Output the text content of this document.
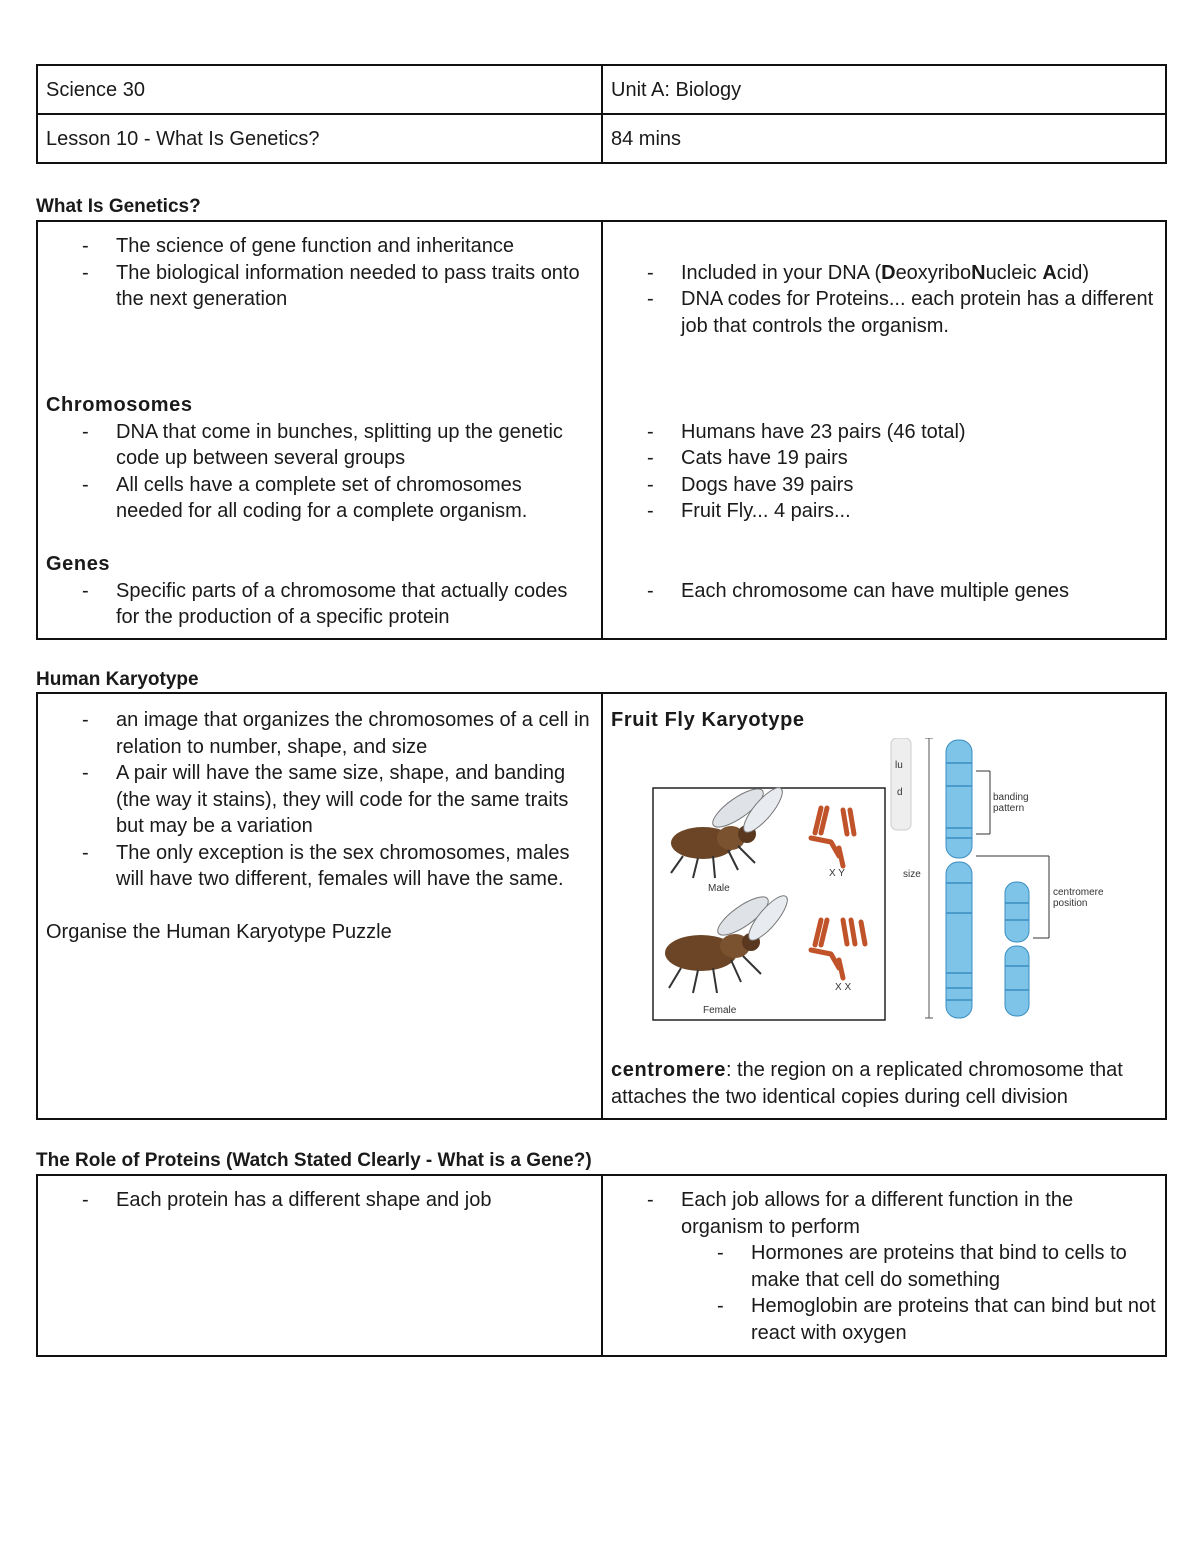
Science 30	Unit A: Biology
Lesson 10 - What Is Genetics?	84 mins
What Is Genetics?
- The science of gene function and inheritance
- The biological information needed to pass traits onto the next generation

Chromosomes

- DNA that come in bunches, splitting up the genetic code up between several groups
- All cells have a complete set of chromosomes needed for all coding for a complete organism.

Genes

- Specific parts of a chromosome that actually codes for the production of a specific protein
- Included in your DNA (DeoxyriboNucleic Acid)
- DNA codes for Proteins... each protein has a different job that controls the organism.
- Humans have 23 pairs (46 total)
- Cats have 19 pairs
- Dogs have 39 pairs
- Fruit Fly... 4 pairs...
- Each chromosome can have multiple genes
Human Karyotype
- an image that organizes the chromosomes of a cell in relation to number, shape, and size
- A pair will have the same size, shape, and banding (the way it stains), they will code for the same traits but may be a variation
- The only exception is the sex chromosomes, males will have two different, females will have the same.
Organise the Human Karyotype Puzzle

Fruit Fly Karyotype

Male
Female
X Y
X X
lu
d
size
banding
pattern
centromere
position
centromere: the region on a replicated chromosome that attaches the two identical copies during cell division
The Role of Proteins (Watch Stated Clearly - What is a Gene?)
- Each protein has a different shape and job
-	Each job allows for a different function in the organism to perform
- Hormones are proteins that bind to cells to make that cell do something
- Hemoglobin are proteins that can bind but not react with oxygen
